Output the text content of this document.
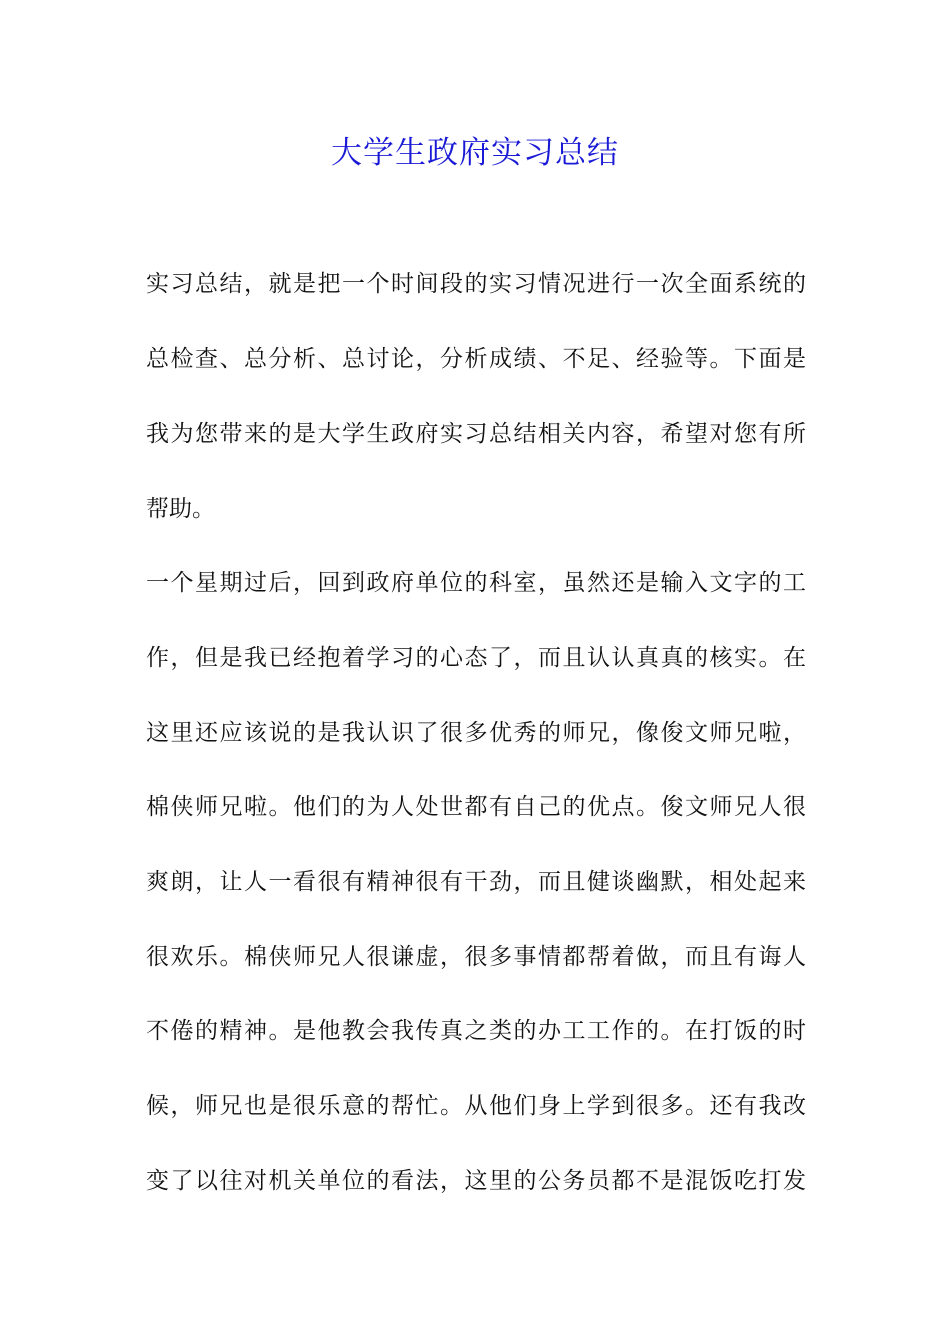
大学生政府实习总结
实习总结，就是把一个时间段的实习情况进行一次全面系统的
总检查、总分析、总讨论，分析成绩、不足、经验等。下面是
我为您带来的是大学生政府实习总结相关内容，希望对您有所
帮助。
一个星期过后，回到政府单位的科室，虽然还是输入文字的工
作，但是我已经抱着学习的心态了，而且认认真真的核实。在
这里还应该说的是我认识了很多优秀的师兄，像俊文师兄啦，
棉侠师兄啦。他们的为人处世都有自己的优点。俊文师兄人很
爽朗，让人一看很有精神很有干劲，而且健谈幽默，相处起来
很欢乐。棉侠师兄人很谦虚，很多事情都帮着做，而且有诲人
不倦的精神。是他教会我传真之类的办工工作的。在打饭的时
候，师兄也是很乐意的帮忙。从他们身上学到很多。还有我改
变了以往对机关单位的看法，这里的公务员都不是混饭吃打发
